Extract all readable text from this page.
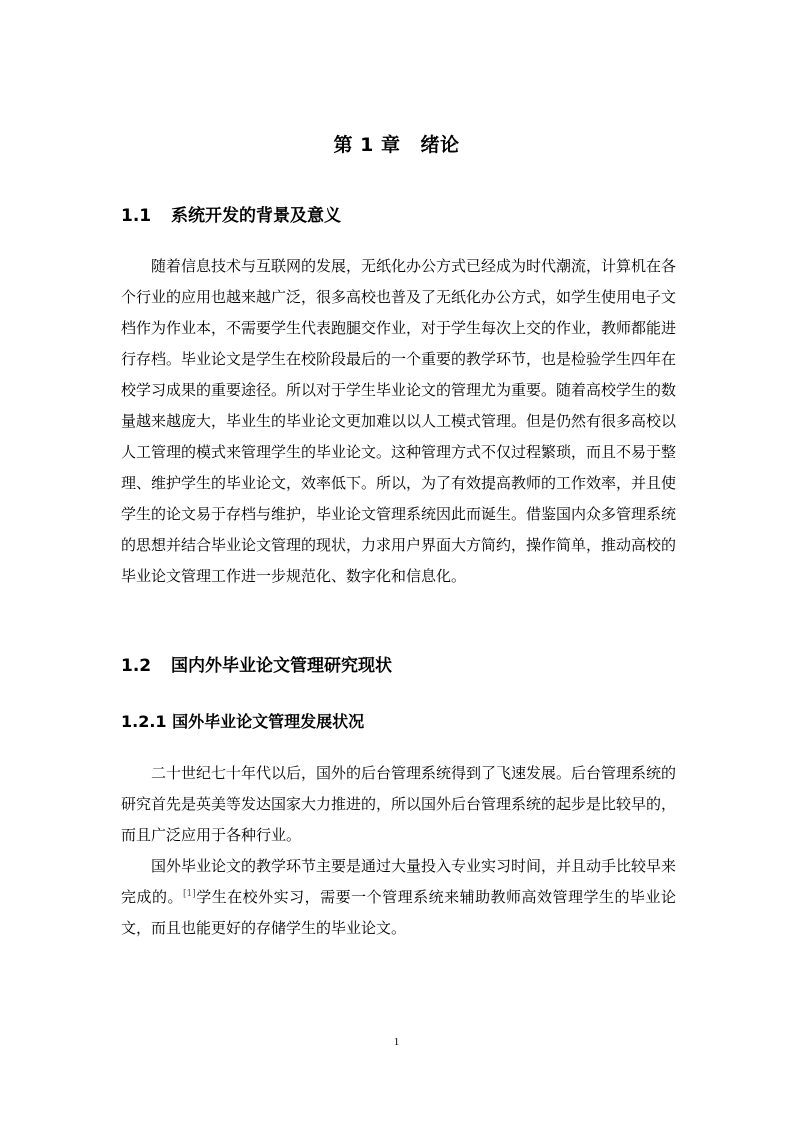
第 1 章 绪论
1.1 系统开发的背景及意义

随着信息技术与互联网的发展，无纸化办公方式已经成为时代潮流，计算机在各个行业的应用也越来越广泛，很多高校也普及了无纸化办公方式，如学生使用电子文档作为作业本，不需要学生代表跑腿交作业，对于学生每次上交的作业，教师都能进行存档。毕业论文是学生在校阶段最后的一个重要的教学环节，也是检验学生四年在校学习成果的重要途径。所以对于学生毕业论文的管理尤为重要。随着高校学生的数量越来越庞大，毕业生的毕业论文更加难以以人工模式管理。但是仍然有很多高校以人工管理的模式来管理学生的毕业论文。这种管理方式不仅过程繁琐，而且不易于整理、维护学生的毕业论文，效率低下。所以，为了有效提高教师的工作效率，并且使学生的论文易于存档与维护，毕业论文管理系统因此而诞生。借鉴国内众多管理系统的思想并结合毕业论文管理的现状，力求用户界面大方简约，操作简单，推动高校的毕业论文管理工作进一步规范化、数字化和信息化。

1.2 国内外毕业论文管理研究现状
1.2.1 国外毕业论文管理发展状况

二十世纪七十年代以后，国外的后台管理系统得到了飞速发展。后台管理系统的研究首先是英美等发达国家大力推进的，所以国外后台管理系统的起步是比较早的，而且广泛应用于各种行业。

国外毕业论文的教学环节主要是通过大量投入专业实习时间，并且动手比较早来完成的。[1]学生在校外实习，需要一个管理系统来辅助教师高效管理学生的毕业论文，而且也能更好的存储学生的毕业论文。

1
